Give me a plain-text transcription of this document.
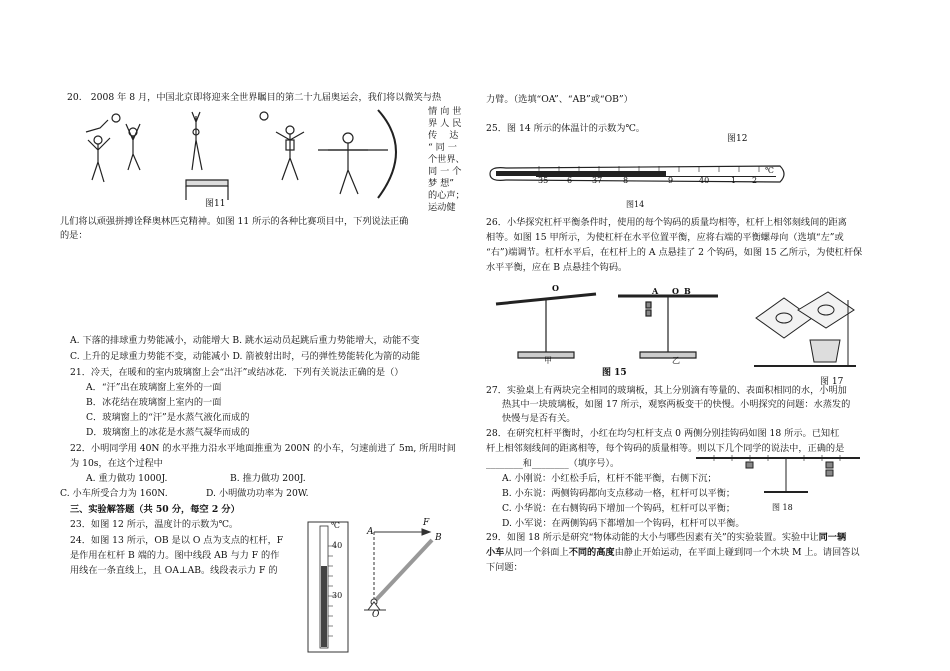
20.　2008 年 8 月，中国北京即将迎来全世界瞩目的第二十九届奥运会，我们将以微笑与热
图11
情 向 世
界 人 民
传　 达
“ 同 一
个世界、
同 一 个
梦 想”
的心声；
运动健
儿们将以顽强拼搏诠释奥林匹克精神。如图 11 所示的各种比赛项目中，下列说法正确
的是：
A. 下落的排球重力势能减小，动能增大 B. 跳水运动员起跳后重力势能增大，动能不变
C. 上升的足球重力势能不变，动能减小 D. 箭被射出时，弓的弹性势能转化为箭的动能
21．冷天，在暖和的室内玻璃窗上会“出汗”或结冰花．下列有关说法正确的是（）
A．“汗”出在玻璃窗上室外的一面
B．冰花结在玻璃窗上室内的一面
C．玻璃窗上的“汗”是水蒸气液化而成的
D．玻璃窗上的冰花是水蒸气凝华而成的
22．小明同学用 40N 的水平推力沿水平地面推重为 200N 的小车，匀速前进了 5m, 所用时间
为 10s，在这个过程中
A. 重力做功 1000J.	B. 推力做功 200J.
C. 小车所受合力为 160N.	D. 小明做功功率为 20W.
三、实验解答题（共 50 分，每空 2 分）
23．如图 12 所示，温度计的示数为℃。
24．如图 13 所示，OB 是以 O 点为支点的杠杆，F
是作用在杠杆 B 端的力。图中线段 AB 与力 F 的作
用线在一条直线上，且 OA⊥AB。线段表示力 F 的
℃
40
30
A
F
B
O
力臂。（选填“OA”、“AB”或“OB”）
25．图 14 所示的体温计的示数为℃。
图12
35 6 37	8	9	40	1 2
℃
图14
26．小华探究杠杆平衡条件时，使用的每个钩码的质量均相等，杠杆上相邻刻线间的距离
相等。如图 15 甲所示，为使杠杆在水平位置平衡，应将右端的平衡螺母向（选填“左”或
“右”)端调节。杠杆水平后，在杠杆上的 A 点悬挂了 2 个钩码，如图 15 乙所示，为使杠杆保
水平平衡，应在 B 点悬挂个钩码。
O	A O B
甲	乙
图 15
图 17
27．实验桌上有两块完全相同的玻璃板，其上分别滴有等量的、表面积相同的水，小明加
热其中一块玻璃板，如图 17 所示，观察两板变干的快慢。小明探究的问题：水蒸发的
快慢与是否有关。
28．在研究杠杆平衡时，小红在均匀杠杆支点 0 两侧分别挂钩码如图 18 所示。已知杠
杆上相邻刻线间的距离相等，每个钩码的质量相等。则以下几个同学的说法中，正确的是
________和________（填序号）。
A. 小刚说：小红松手后，杠杆不能平衡，右侧下沉；
B. 小东说：两侧钩码都向支点移动一格，杠杆可以平衡；
C. 小华说：在右侧钩码下增加一个钩码，杠杆可以平衡；
D. 小军说：在两侧钩码下都增加一个钩码，杠杆可以平衡。
图 18
29．如图 18 所示是研究“物体动能的大小与哪些因素有关”的实验装置。实验中让同一辆
小车从同一个斜面上不同的高度由静止开始运动，在平面上碰到同一个木块 M 上。请回答以
下问题：
